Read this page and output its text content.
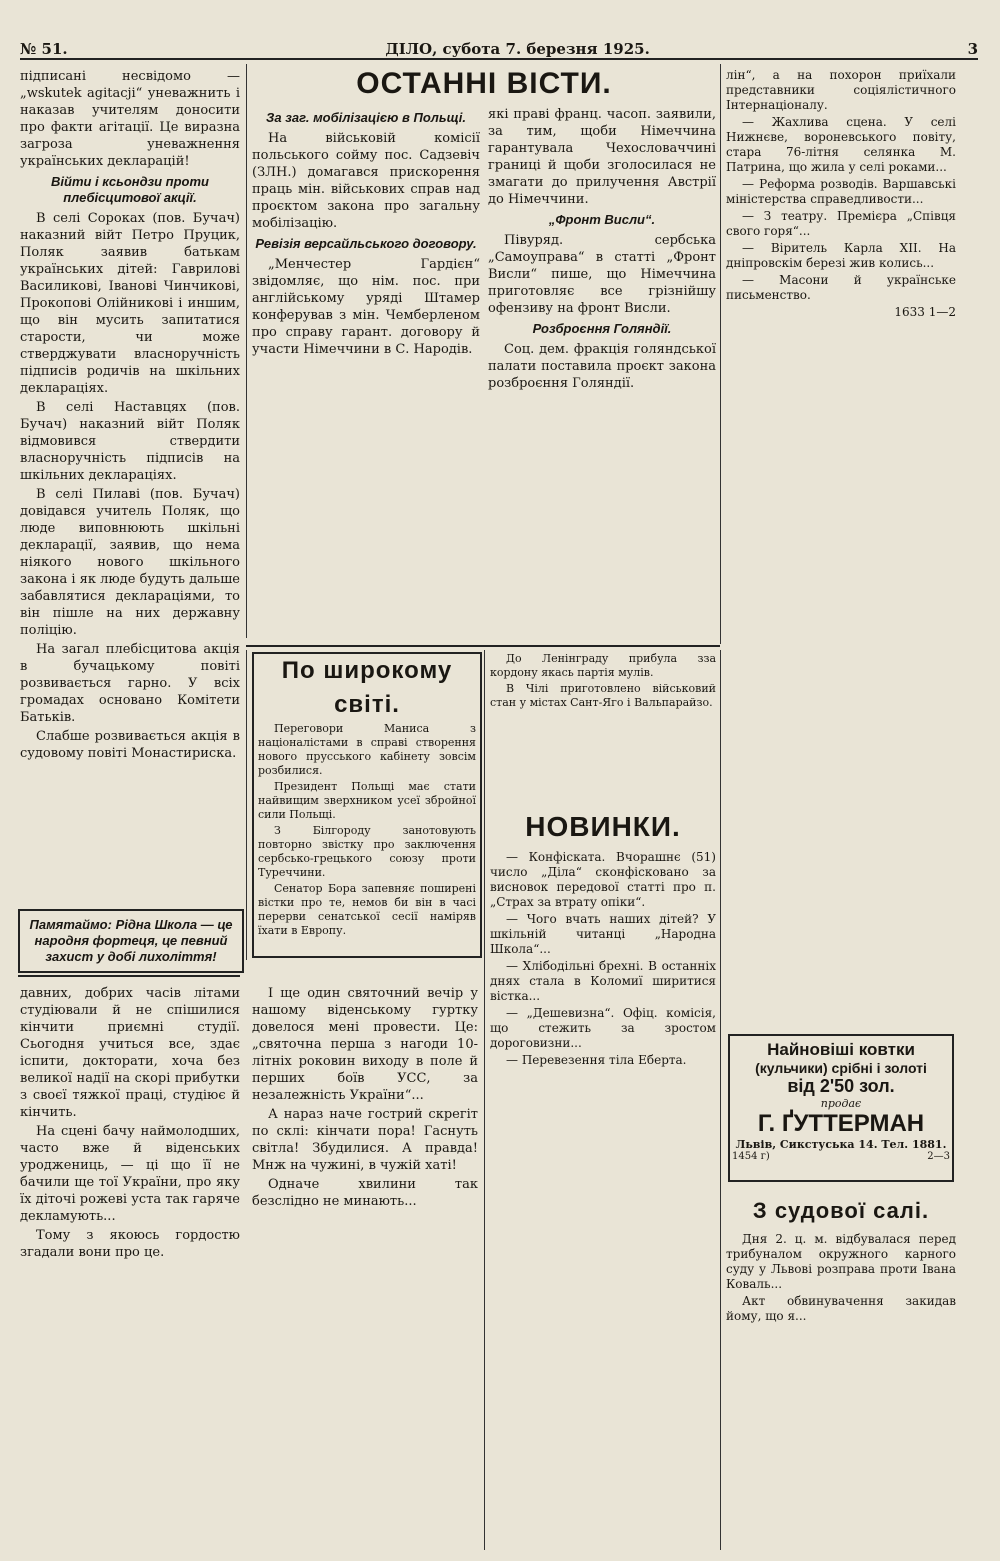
№ 51.	ДІЛО, субота 7. березня 1925.	3

підписані несвідомо — „wskutek agitacji“ уневажнить і наказав учителям доносити про факти агітації. Це виразна загроза уневажнення українських декларацій!

Війти і ксьондзи проти плебісцитової акції.

В селі Сороках (пов. Бучач) наказний війт Петро Пруцик, Поляк заявив батькам українських дітей: Гаврилові Василикові, Іванові Чинчикові, Прокопові Олійникові і иншим, що він мусить запитатися старости, чи може стверджувати власноручність підписів родичів на шкільних деклараціях.

В селі Наставцях (пов. Бучач) наказний війт Поляк відмовився ствердити власноручність підписів на шкільних деклараціях.

В селі Пилаві (пов. Бучач) довідався учитель Поляк, що люде виповнюють шкільні декларації, заявив, що нема ніякого нового шкільного закона і як люде будуть дальше забавлятися деклараціями, то він пішле на них державну поліцію.

На загал плебісцитова акція в бучацькому повіті розвивається гарно. У всіх громадах основано Комітети Батьків.

Слабше розвивається акція в судовому повіті Монастириска.

Памятаймо: Рідна Школа — це народня фортеця, це певний захист у добі лихоліття!
ОСТАННІ ВІСТИ.
За заг. мобілізацією в Польщі.

На військовій комісії польського сойму пос. Садзевіч (ЗЛН.) домагався прискорення праць мін. військових справ над проєктом закона про загальну мобілізацію.

Ревізія версайльського договору.

„Менчестер Гардієн“ звідомляє, що нім. пос. при англійському уряді Штамер конферував з мін. Чемберленом про справу гарант. договору й участи Німеччини в С. Народів.

які праві франц. часоп. заявили, за тим, щоби Німеччина гарантувала Чехословаччині границі й щоби зголосилася не змагати до прилучення Австрії до Німеччини.

„Фронт Висли“.

Півуряд. сербська „Самоуправа“ в статті „Фронт Висли“ пише, що Німеччина приготовляє все грізнійшу офензиву на фронт Висли.

Розброєння Голяндії.

Соц. дем. фракція голяндської палати поставила проєкт закона розброєння Голяндії.

лін“, а на похорон приїхали представники соціялістичного Інтернаціоналу.

— Жахлива сцена. У селі Нижнєве, вороневського повіту, стара 76-літня селянка М. Патрина, що жила у селі роками...

— Реформа розводів. Варшавські міністерства справедливости...

— З театру. Премієра „Співця свого горя“...

— Віритель Карла XII. На дніпровскім березі жив колись...

— Масони й українське письменство.

1633 1—2
По широкому світі.

Переговори Маниса з націоналістами в справі створення нового прусського кабінету зовсім розбилися.

Президент Польщі має стати найвищим зверхником усеї збройної сили Польщі.

З Білгороду занотовують повторно звістку про заключення сербсько-грецького союзу проти Туреччини.

Сенатор Бора запевняє поширені вістки про те, немов би він в часі перерви сенатської сесії наміряв їхати в Европу.

До Ленінграду прибула зза кордону якась партія мулів.

В Чілі приготовлено військовий стан у містах Сант-Яго і Вальпарайзо.

НОВИНКИ.

— Конфіската. Вчорашнє (51) число „Діла“ сконфісковано за висновок передової статті про п. „Страх за втрату опіки“.

— Чого вчать наших дітей? У шкільній читанці „Народна Школа“...

— Хлібодільні брехні. В останніх днях стала в Коломиї ширитися вістка...

— „Дешевизна“. Офіц. комісія, що стежить за зростом дороговизни...

— Перевезення тіла Еберта.

давних, добрих часів літами студіювали й не спішилися кінчити приємні студії. Сьогодня учиться все, здає іспити, докторати, хоча без великої надії на скорі прибутки з своєї тяжкої праці, студіює й кінчить.

На сцені бачу наймолодших, часто вже й віденських уроджениць, — ці що її не бачили ще тої України, про яку їх діточі рожеві уста так гаряче декламують...

Тому з якоюсь гордостю згадали вони про це.

І ще один святочний вечір у нашому віденському гуртку довелося мені провести. Це: „святочна перша з нагоди 10-літніх роковин виходу в поле й перших боїв УСС, за незалежність України“...

А нараз наче гострий скрегіт по склі: кінчати пора! Гаснуть світла! Збудилися. А правда! Мнж на чужині, в чужій хаті!

Одначе хвилини так безслідно не минають...

Найновіші ковтки
(кульчики) срібні і золоті
від 2'50 зол.
продає
Г. ҐУТТЕРМАН
Львів, Сикстуська 14. Тел. 1881.
1454 г)	2—3
З судової салі.

Дня 2. ц. м. відбувалася перед трибуналом окружного карного суду у Львові розправа проти Івана Коваль...

Акт обвинувачення закидав йому, що я...
